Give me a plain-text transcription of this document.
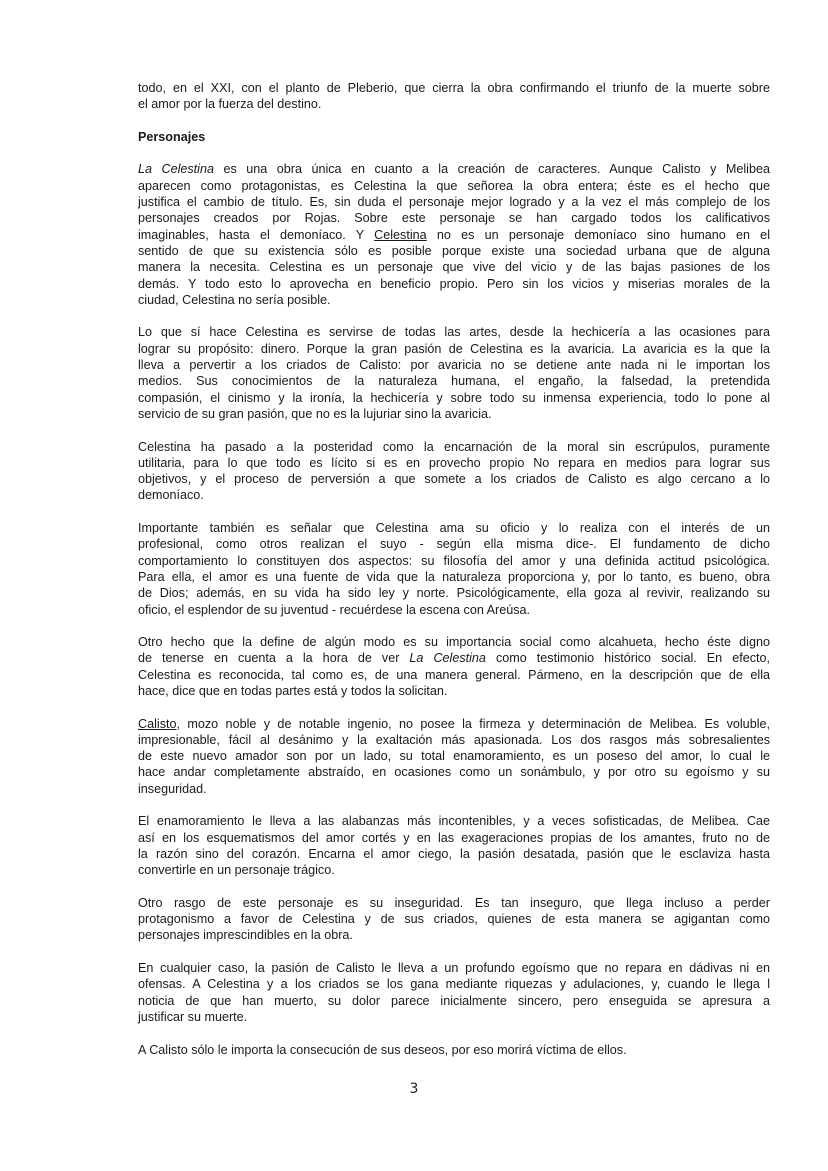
todo, en el XXI, con el planto de Pleberio, que cierra la obra confirmando el triunfo de la muerte sobre
el amor por la fuerza del destino.
Personajes
La Celestina es una obra única en cuanto a la creación de caracteres. Aunque Calisto y Melibea
aparecen como protagonistas, es Celestina la que señorea la obra entera; éste es el hecho que
justifica el cambio de título. Es, sin duda el personaje mejor logrado y a la vez el más complejo de los
personajes creados por Rojas. Sobre este personaje se han cargado todos los calificativos
imaginables, hasta el demoníaco. Y Celestina no es un personaje demoníaco sino humano en el
sentido de que su existencia sólo es posible porque existe una sociedad urbana que de alguna
manera la necesita. Celestina es un personaje que vive del vicio y de las bajas pasiones de los
demás. Y todo esto lo aprovecha en beneficio propio. Pero sin los vicios y miserias morales de la
ciudad, Celestina no sería posible.
Lo que sí hace Celestina es servirse de todas las artes, desde la hechicería a las ocasiones para
lograr su propósito: dinero. Porque la gran pasión de Celestina es la avaricia. La avaricia es la que la
lleva a pervertir a los criados de Calisto: por avaricia no se detiene ante nada ni le importan los
medios. Sus conocimientos de la naturaleza humana, el engaño, la falsedad, la pretendida
compasión, el cinismo y la ironía, la hechicería y sobre todo su inmensa experiencia, todo lo pone al
servicio de su gran pasión, que no es la lujuriar sino la avaricia.
Celestina ha pasado a la posteridad como la encarnación de la moral sin escrúpulos, puramente
utilitaria, para lo que todo es lícito si es en provecho propio No repara en medios para lograr sus
objetivos, y el proceso de perversión a que somete a los criados de Calisto es algo cercano a lo
demoníaco.
Importante también es señalar que Celestina ama su oficio y lo realiza con el interés de un
profesional, como otros realizan el suyo - según ella misma dice-. El fundamento de dicho
comportamiento lo constituyen dos aspectos: su filosofía del amor y una definida actitud psicológica.
Para ella, el amor es una fuente de vida que la naturaleza proporciona y, por lo tanto, es bueno, obra
de Dios; además, en su vida ha sido ley y norte. Psicológicamente, ella goza al revivir, realizando su
oficio, el esplendor de su juventud - recuérdese la escena con Areúsa.
Otro hecho que la define de algún modo es su importancia social como alcahueta, hecho éste digno
de tenerse en cuenta a la hora de ver La Celestina como testimonio histórico social. En efecto,
Celestina es reconocida, tal como es, de una manera general. Pármeno, en la descripción que de ella
hace, dice que en todas partes está y todos la solicitan.
Calisto, mozo noble y de notable ingenio, no posee la firmeza y determinación de Melibea. Es voluble,
impresionable, fácil al desánimo y la exaltación más apasionada. Los dos rasgos más sobresalientes
de este nuevo amador son por un lado, su total enamoramiento, es un poseso del amor, lo cual le
hace andar completamente abstraído, en ocasiones como un sonámbulo, y por otro su egoísmo y su
inseguridad.
El enamoramiento le lleva a las alabanzas más incontenibles, y a veces sofisticadas, de Melibea. Cae
así en los esquematismos del amor cortés y en las exageraciones propias de los amantes, fruto no de
la razón sino del corazón. Encarna el amor ciego, la pasión desatada, pasión que le esclaviza hasta
convertirle en un personaje trágico.
Otro rasgo de este personaje es su inseguridad. Es tan inseguro, que llega incluso a perder
protagonismo a favor de Celestina y de sus criados, quienes de esta manera se agigantan como
personajes imprescindibles en la obra.
En cualquier caso, la pasión de Calisto le lleva a un profundo egoísmo que no repara en dádivas ni en
ofensas. A Celestina y a los criados se los gana mediante riquezas y adulaciones, y, cuando le llega l
noticia de que han muerto, su dolor parece inicialmente sincero, pero enseguida se apresura a
justificar su muerte.
A Calisto sólo le importa la consecución de sus deseos, por eso morirá víctima de ellos.
3
